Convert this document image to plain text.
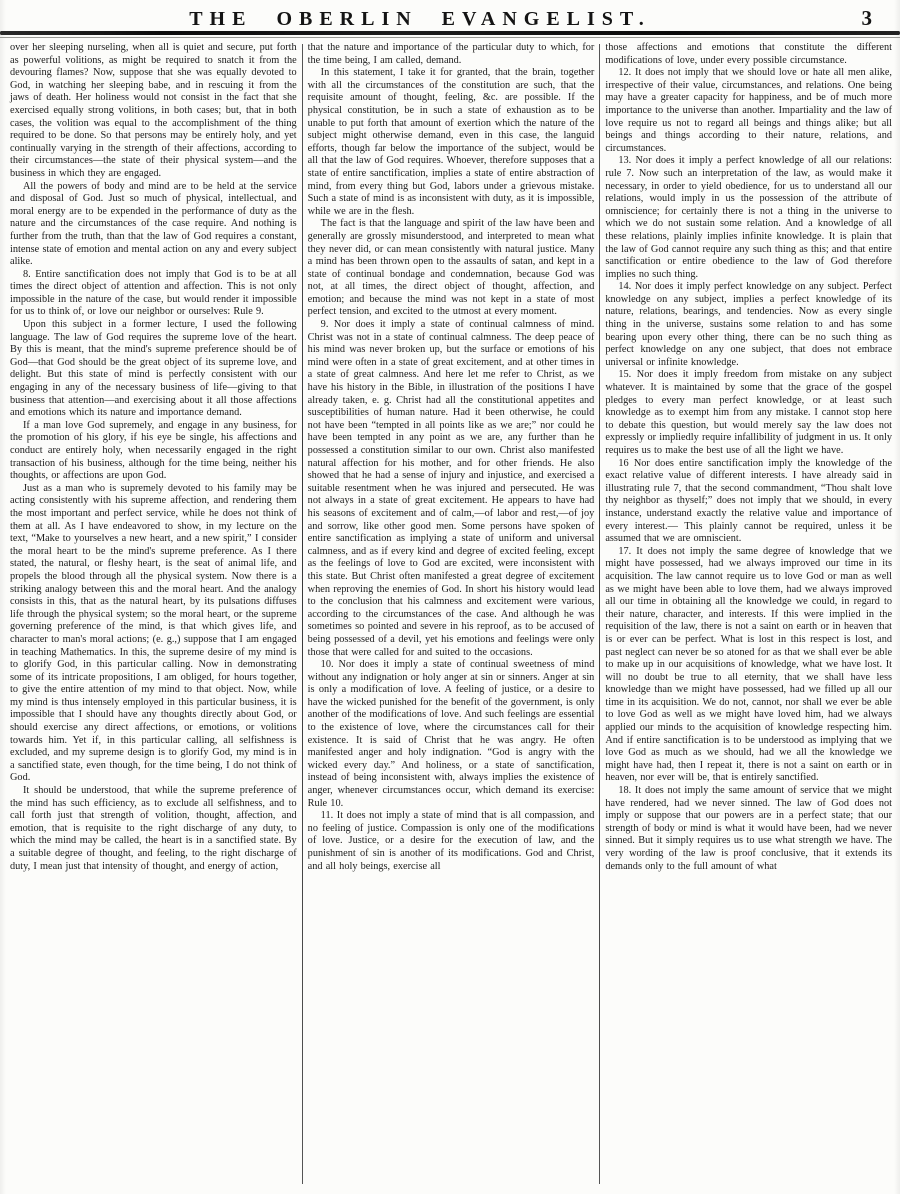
THE OBERLIN EVANGELIST.	3

over her sleeping nurseling, when all is quiet and secure, put forth as powerful volitions, as might be required to snatch it from the devouring flames? Now, suppose that she was equally devoted to God, in watching her sleeping babe, and in rescuing it from the jaws of death. Her holiness would not consist in the fact that she exercised equally strong volitions, in both cases; but, that in both cases, the volition was equal to the accomplishment of the thing required to be done. So that persons may be entirely holy, and yet continually varying in the strength of their affections, according to their circumstances—the state of their physical system—and the business in which they are engaged.

All the powers of body and mind are to be held at the service and disposal of God. Just so much of physical, intellectual, and moral energy are to be expended in the performance of duty as the nature and the circumstances of the case require. And nothing is further from the truth, than that the law of God requires a constant, intense state of emotion and mental action on any and every subject alike.

8. Entire sanctification does not imply that God is to be at all times the direct object of attention and affection. This is not only impossible in the nature of the case, but would render it impossible for us to think of, or love our neighbor or ourselves: Rule 9.

Upon this subject in a former lecture, I used the following language. The law of God requires the supreme love of the heart. By this is meant, that the mind's supreme preference should be of God—that God should be the great object of its supreme love, and delight. But this state of mind is perfectly consistent with our engaging in any of the necessary business of life—giving to that business that attention—and exercising about it all those affections and emotions which its nature and importance demand.

If a man love God supremely, and engage in any business, for the promotion of his glory, if his eye be single, his affections and conduct are entirely holy, when necessarily engaged in the right transaction of his business, although for the time being, neither his thoughts, or affections are upon God.

Just as a man who is supremely devoted to his family may be acting consistently with his supreme affection, and rendering them the most important and perfect service, while he does not think of them at all. As I have endeavored to show, in my lecture on the text, “Make to yourselves a new heart, and a new spirit,” I consider the moral heart to be the mind's supreme preference. As I there stated, the natural, or fleshy heart, is the seat of animal life, and propels the blood through all the physical system. Now there is a striking analogy between this and the moral heart. And the analogy consists in this, that as the natural heart, by its pulsations diffuses life through the physical system; so the moral heart, or the supreme governing preference of the mind, is that which gives life, and character to man's moral actions; (e. g.,) suppose that I am engaged in teaching Mathematics. In this, the supreme desire of my mind is to glorify God, in this particular calling. Now in demonstrating some of its intricate propositions, I am obliged, for hours together, to give the entire attention of my mind to that object. Now, while my mind is thus intensely employed in this particular business, it is impossible that I should have any thoughts directly about God, or should exercise any direct affections, or emotions, or volitions towards him. Yet if, in this particular calling, all selfishness is excluded, and my supreme design is to glorify God, my mind is in a sanctified state, even though, for the time being, I do not think of God.

It should be understood, that while the supreme preference of the mind has such efficiency, as to exclude all selfishness, and to call forth just that strength of volition, thought, affection, and emotion, that is requisite to the right discharge of any duty, to which the mind may be called, the heart is in a sanctified state. By a suitable degree of thought, and feeling, to the right discharge of duty, I mean just that intensity of thought, and energy of action,

that the nature and importance of the particular duty to which, for the time being, I am called, demand.

In this statement, I take it for granted, that the brain, together with all the circumstances of the constitution are such, that the requisite amount of thought, feeling, &c. are possible. If the physical constitution, be in such a state of exhaustion as to be unable to put forth that amount of exertion which the nature of the subject might otherwise demand, even in this case, the languid efforts, though far below the importance of the subject, would be all that the law of God requires. Whoever, therefore supposes that a state of entire sanctification, implies a state of entire abstraction of mind, from every thing but God, labors under a grievous mistake. Such a state of mind is as inconsistent with duty, as it is impossible, while we are in the flesh.

The fact is that the language and spirit of the law have been and generally are grossly misunderstood, and interpreted to mean what they never did, or can mean consistently with natural justice. Many a mind has been thrown open to the assaults of satan, and kept in a state of continual bondage and condemnation, because God was not, at all times, the direct object of thought, affection, and emotion; and because the mind was not kept in a state of most perfect tension, and excited to the utmost at every moment.

9. Nor does it imply a state of continual calmness of mind. Christ was not in a state of continual calmness. The deep peace of his mind was never broken up, but the surface or emotions of his mind were often in a state of great excitement, and at other times in a state of great calmness. And here let me refer to Christ, as we have his history in the Bible, in illustration of the positions I have already taken, e. g. Christ had all the constitutional appetites and susceptibilities of human nature. Had it been otherwise, he could not have been “tempted in all points like as we are;” nor could he have been tempted in any point as we are, any further than he possessed a constitution similar to our own. Christ also manifested natural affection for his mother, and for other friends. He also showed that he had a sense of injury and injustice, and exercised a suitable resentment when he was injured and persecuted. He was not always in a state of great excitement. He appears to have had his seasons of excitement and of calm,—of labor and rest,—of joy and sorrow, like other good men. Some persons have spoken of entire sanctification as implying a state of uniform and universal calmness, and as if every kind and degree of excited feeling, except as the feelings of love to God are excited, were inconsistent with this state. But Christ often manifested a great degree of excitement when reproving the enemies of God. In short his history would lead to the conclusion that his calmness and excitement were various, according to the circumstances of the case. And although he was sometimes so pointed and severe in his reproof, as to be accused of being possessed of a devil, yet his emotions and feelings were only those that were called for and suited to the occasions.

10. Nor does it imply a state of continual sweetness of mind without any indignation or holy anger at sin or sinners. Anger at sin is only a modification of love. A feeling of justice, or a desire to have the wicked punished for the benefit of the government, is only another of the modifications of love. And such feelings are essential to the existence of love, where the circumstances call for their existence. It is said of Christ that he was angry. He often manifested anger and holy indignation. “God is angry with the wicked every day.” And holiness, or a state of sanctification, instead of being inconsistent with, always implies the existence of anger, whenever circumstances occur, which demand its exercise: Rule 10.

11. It does not imply a state of mind that is all compassion, and no feeling of justice. Compassion is only one of the modifications of love. Justice, or a desire for the execution of law, and the punishment of sin is another of its modifications. God and Christ, and all holy beings, exercise all

those affections and emotions that constitute the different modifications of love, under every possible circumstance.

12. It does not imply that we should love or hate all men alike, irrespective of their value, circumstances, and relations. One being may have a greater capacity for happiness, and be of much more importance to the universe than another. Impartiality and the law of love require us not to regard all beings and things alike; but all beings and things according to their nature, relations, and circumstances.

13. Nor does it imply a perfect knowledge of all our relations: rule 7. Now such an interpretation of the law, as would make it necessary, in order to yield obedience, for us to understand all our relations, would imply in us the possession of the attribute of omniscience; for certainly there is not a thing in the universe to which we do not sustain some relation. And a knowledge of all these relations, plainly implies infinite knowledge. It is plain that the law of God cannot require any such thing as this; and that entire sanctification or entire obedience to the law of God therefore implies no such thing.

14. Nor does it imply perfect knowledge on any subject. Perfect knowledge on any subject, implies a perfect knowledge of its nature, relations, bearings, and tendencies. Now as every single thing in the universe, sustains some relation to and has some bearing upon every other thing, there can be no such thing as perfect knowledge on any one subject, that does not embrace universal or infinite knowledge.

15. Nor does it imply freedom from mistake on any subject whatever. It is maintained by some that the grace of the gospel pledges to every man perfect knowledge, or at least such knowledge as to exempt him from any mistake. I cannot stop here to debate this question, but would merely say the law does not expressly or impliedly require infallibility of judgment in us. It only requires us to make the best use of all the light we have.

16 Nor does entire sanctification imply the knowledge of the exact relative value of different interests. I have already said in illustrating rule 7, that the second commandment, “Thou shalt love thy neighbor as thyself;” does not imply that we should, in every instance, understand exactly the relative value and importance of every interest.— This plainly cannot be required, unless it be assumed that we are omniscient.

17. It does not imply the same degree of knowledge that we might have possessed, had we always improved our time in its acquisition. The law cannot require us to love God or man as well as we might have been able to love them, had we always improved all our time in obtaining all the knowledge we could, in regard to their nature, character, and interests. If this were implied in the requisition of the law, there is not a saint on earth or in heaven that is or ever can be perfect. What is lost in this respect is lost, and past neglect can never be so atoned for as that we shall ever be able to make up in our acquisitions of knowledge, what we have lost. It will no doubt be true to all eternity, that we shall have less knowledge than we might have possessed, had we filled up all our time in its acquisition. We do not, cannot, nor shall we ever be able to love God as well as we might have loved him, had we always applied our minds to the acquisition of knowledge respecting him. And if entire sanctification is to be understood as implying that we love God as much as we should, had we all the knowledge we might have had, then I repeat it, there is not a saint on earth or in heaven, nor ever will be, that is entirely sanctified.

18. It does not imply the same amount of service that we might have rendered, had we never sinned. The law of God does not imply or suppose that our powers are in a perfect state; that our strength of body or mind is what it would have been, had we never sinned. But it simply requires us to use what strength we have. The very wording of the law is proof conclusive, that it extends its demands only to the full amount of what
